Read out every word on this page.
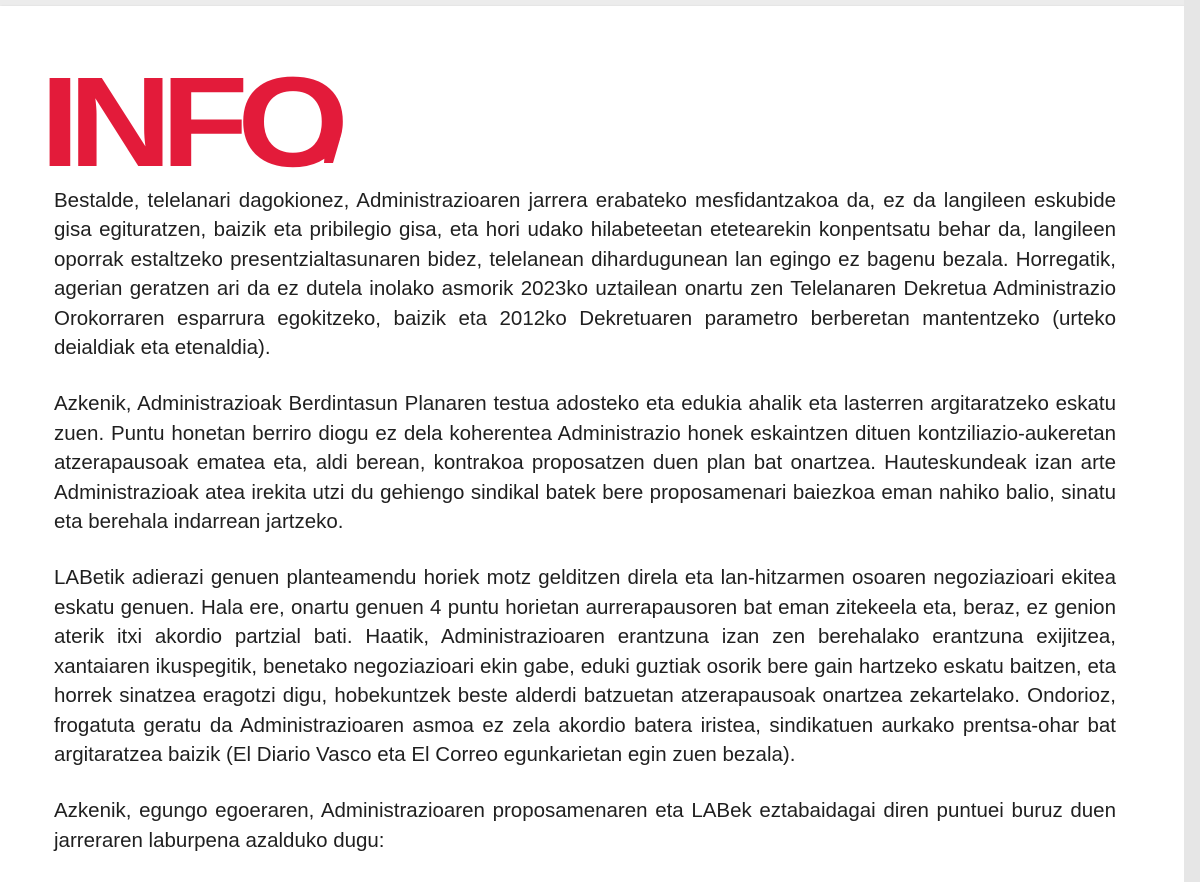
INFO

Bestalde, telelanari dagokionez, Administrazioaren jarrera erabateko mesfidantzakoa da, ez da langileen eskubide gisa egituratzen, baizik eta pribilegio gisa, eta hori udako hilabeteetan etetearekin konpentsatu behar da, langileen oporrak estaltzeko presentzialtasunaren bidez, telelanean dihardugunean lan egingo ez bagenu bezala. Horregatik, agerian geratzen ari da ez dutela inolako asmorik 2023ko uztailean onartu zen Telelanaren Dekretua Administrazio Orokorraren esparrura egokitzeko, baizik eta 2012ko Dekretuaren parametro berberetan mantentzeko (urteko deialdiak eta etenaldia).

Azkenik, Administrazioak Berdintasun Planaren testua adosteko eta edukia ahalik eta lasterren argitaratzeko eskatu zuen. Puntu honetan berriro diogu ez dela koherentea Administrazio honek eskaintzen dituen kontziliazio-aukeretan atzerapausoak ematea eta, aldi berean, kontrakoa proposatzen duen plan bat onartzea. Hauteskundeak izan arte Administrazioak atea irekita utzi du gehiengo sindikal batek bere proposamenari baiezkoa eman nahiko balio, sinatu eta berehala indarrean jartzeko.

LABetik adierazi genuen planteamendu horiek motz gelditzen direla eta lan-hitzarmen osoaren negoziazioari ekitea eskatu genuen. Hala ere, onartu genuen 4 puntu horietan aurrerapausoren bat eman zitekeela eta, beraz, ez genion aterik itxi akordio partzial bati. Haatik, Administrazioaren erantzuna izan zen berehalako erantzuna exijitzea, xantaiaren ikuspegitik, benetako negoziazioari ekin gabe, eduki guztiak osorik bere gain hartzeko eskatu baitzen, eta horrek sinatzea eragotzi digu, hobekuntzek beste alderdi batzuetan atzerapausoak onartzea zekartelako. Ondorioz, frogatuta geratu da Administrazioaren asmoa ez zela akordio batera iristea, sindikatuen aurkako prentsa-ohar bat argitaratzea baizik (El Diario Vasco eta El Correo egunkarietan egin zuen bezala).

Azkenik, egungo egoeraren, Administrazioaren proposamenaren eta LABek eztabaidagai diren puntuei buruz duen jarreraren laburpena azalduko dugu:
